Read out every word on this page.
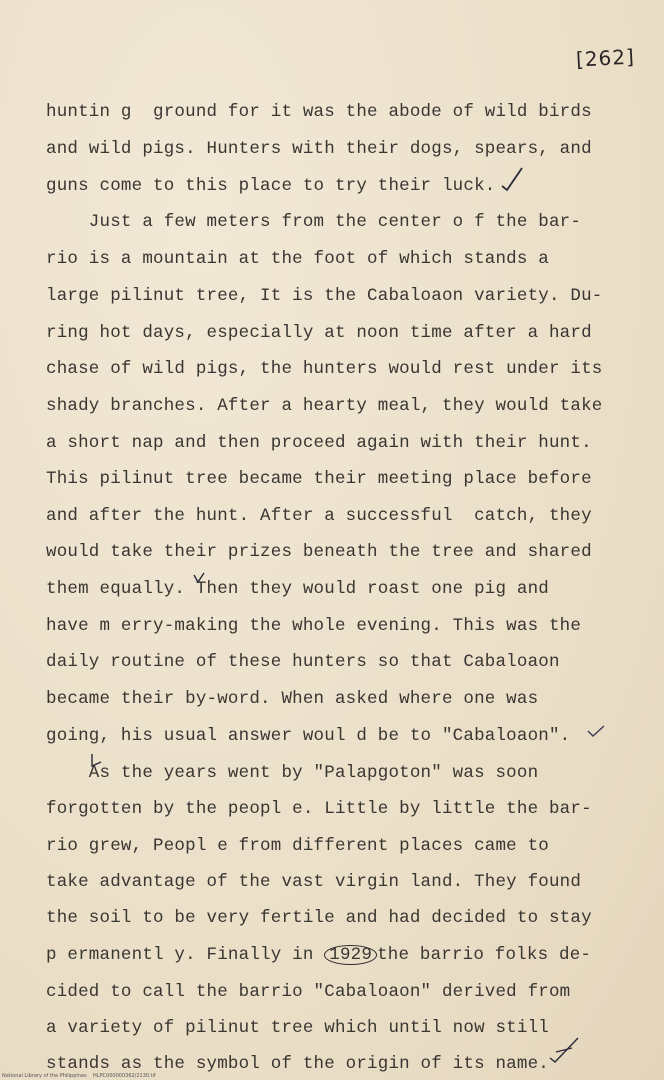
[262]
huntin g  ground for it was the abode of wild birds
and wild pigs. Hunters with their dogs, spears, and
guns come to this place to try their luck.
Just a few meters from the center o f the bar-
rio is a mountain at the foot of which stands a
large pilinut tree, It is the Cabaloaon variety. Du-
ring hot days, especially at noon time after a hard
chase of wild pigs, the hunters would rest under its
shady branches. After a hearty meal, they would take
a short nap and then proceed again with their hunt.
This pilinut tree became their meeting place before
and after the hunt. After a successful  catch, they
would take their prizes beneath the tree and shared
them equally. Then they would roast one pig and
have m erry-making the whole evening. This was the
daily routine of these hunters so that Cabaloaon
became their by-word. When asked where one was
going, his usual answer woul d be to "Cabaloaon".
As the years went by "Palapgoton" was soon
forgotten by the peopl e. Little by little the bar-
rio grew, Peopl e from different places came to
take advantage of the vast virgin land. They found
the soil to be very fertile and had decided to stay
p ermanentl y. Finally in 1929 the barrio folks de-
cided to call the barrio "Cabaloaon" derived from
a variety of pilinut tree which until now still
stands as the symbol of the origin of its name.
National Library of the Philippines    HLPC000000362/2130.tif
